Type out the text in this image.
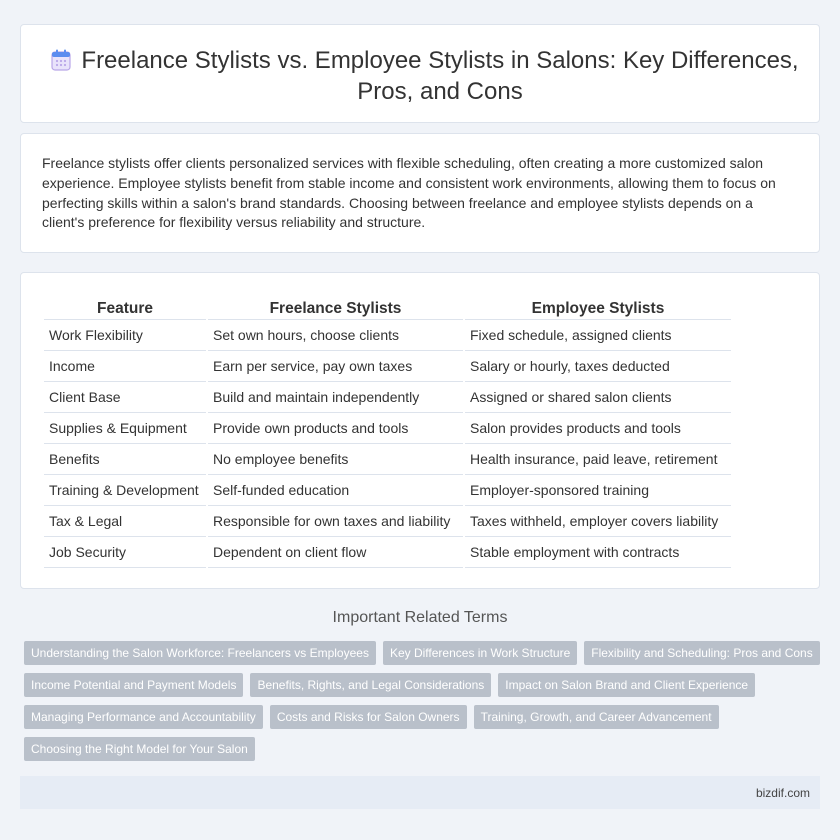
Freelance Stylists vs. Employee Stylists in Salons: Key Differences, Pros, and Cons

Freelance stylists offer clients personalized services with flexible scheduling, often creating a more customized salon experience. Employee stylists benefit from stable income and consistent work environments, allowing them to focus on perfecting skills within a salon's brand standards. Choosing between freelance and employee stylists depends on a client's preference for flexibility versus reliability and structure.

Feature	Freelance Stylists	Employee Stylists
Work Flexibility	Set own hours, choose clients	Fixed schedule, assigned clients
Income	Earn per service, pay own taxes	Salary or hourly, taxes deducted
Client Base	Build and maintain independently	Assigned or shared salon clients
Supplies & Equipment	Provide own products and tools	Salon provides products and tools
Benefits	No employee benefits	Health insurance, paid leave, retirement
Training & Development	Self-funded education	Employer-sponsored training
Tax & Legal	Responsible for own taxes and liability	Taxes withheld, employer covers liability
Job Security	Dependent on client flow	Stable employment with contracts
Important Related Terms
Understanding the Salon Workforce: Freelancers vs Employees	Key Differences in Work Structure	Flexibility and Scheduling: Pros and Cons
Income Potential and Payment Models	Benefits, Rights, and Legal Considerations	Impact on Salon Brand and Client Experience
Managing Performance and Accountability	Costs and Risks for Salon Owners	Training, Growth, and Career Advancement
Choosing the Right Model for Your Salon
bizdif.com
